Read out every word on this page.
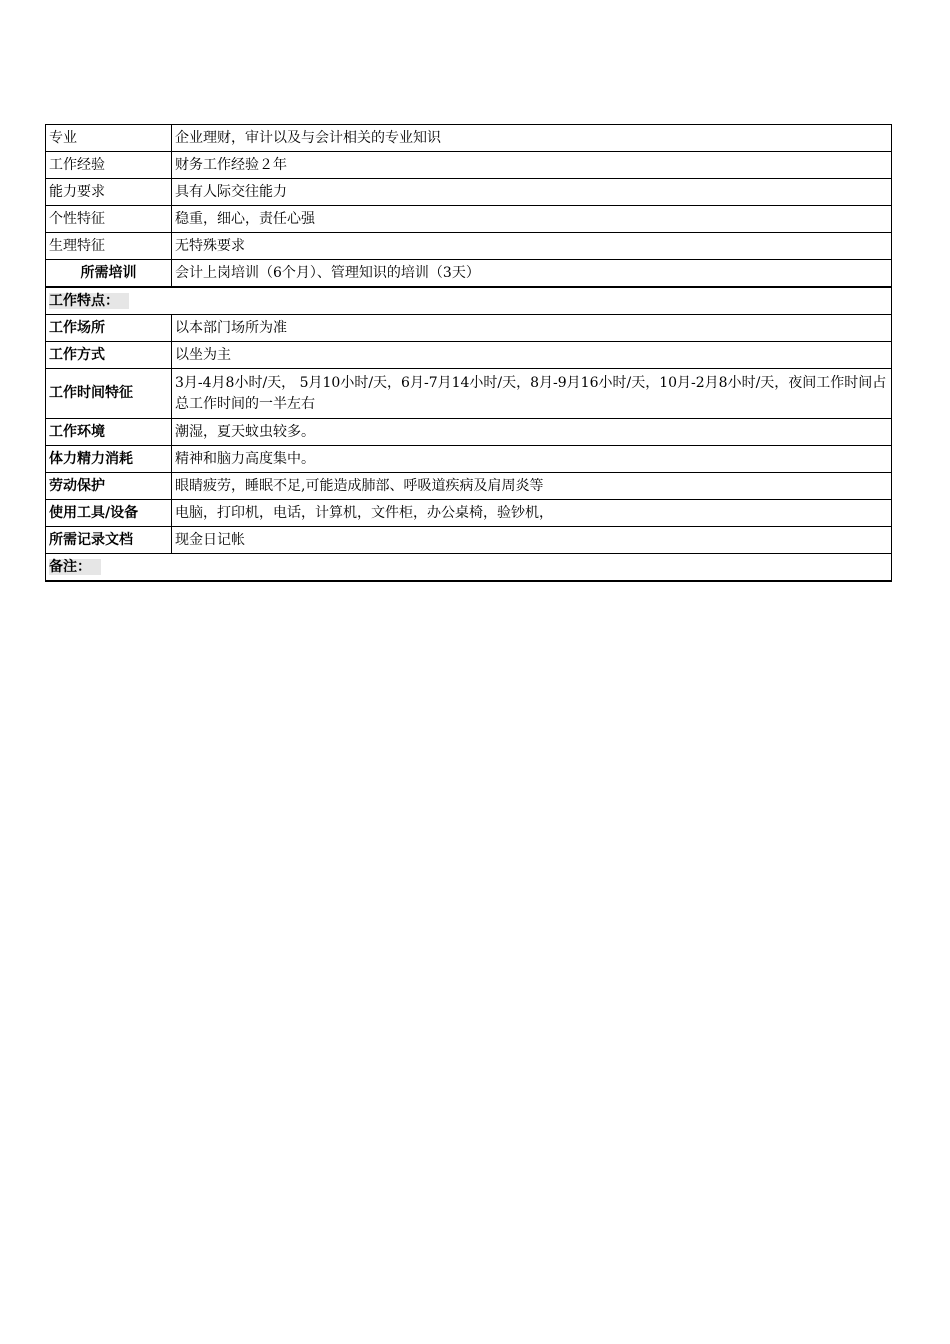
专业	企业理财，审计以及与会计相关的专业知识
工作经验	财务工作经验２年
能力要求	具有人际交往能力
个性特征	稳重，细心，责任心强
生理特征	无特殊要求
所需培训	会计上岗培训（6个月）、管理知识的培训（3天）
工作特点：	
工作场所	以本部门场所为准
工作方式	以坐为主
工作时间特征	3月-4月8小时/天， 5月10小时/天，6月-7月14小时/天，8月-9月16小时/天，10月-2月8小时/天，夜间工作时间占总工作时间的一半左右
工作环境	潮湿，夏天蚊虫较多。
体力精力消耗	精神和脑力高度集中。
劳动保护	眼睛疲劳，睡眠不足,可能造成肺部、呼吸道疾病及肩周炎等
使用工具/设备	电脑，打印机，电话，计算机，文件柜，办公桌椅，验钞机，
所需记录文档	现金日记帐
备注：	
